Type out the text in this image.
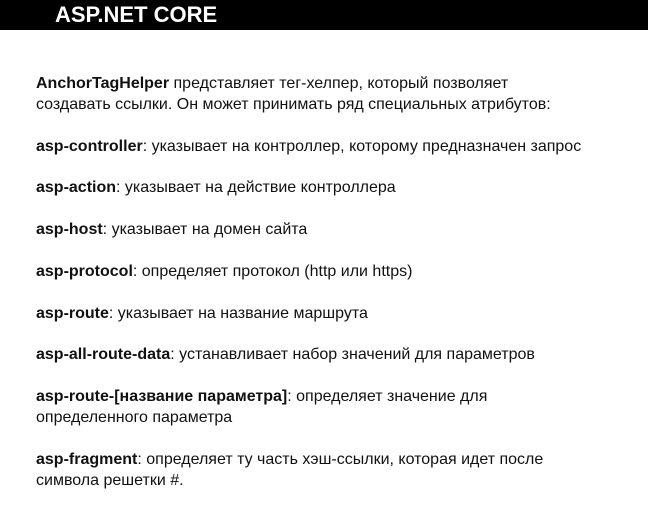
ASP.NET CORE
AnchorTagHelper представляет тег-хелпер, который позволяет
создавать ссылки. Он может принимать ряд специальных атрибутов:
asp-controller: указывает на контроллер, которому предназначен запрос
asp-action: указывает на действие контроллера
asp-host: указывает на домен сайта
asp-protocol: определяет протокол (http или https)
asp-route: указывает на название маршрута
asp-all-route-data: устанавливает набор значений для параметров
asp-route-[название параметра]: определяет значение для
определенного параметра
asp-fragment: определяет ту часть хэш-ссылки, которая идет после
символа решетки #.
